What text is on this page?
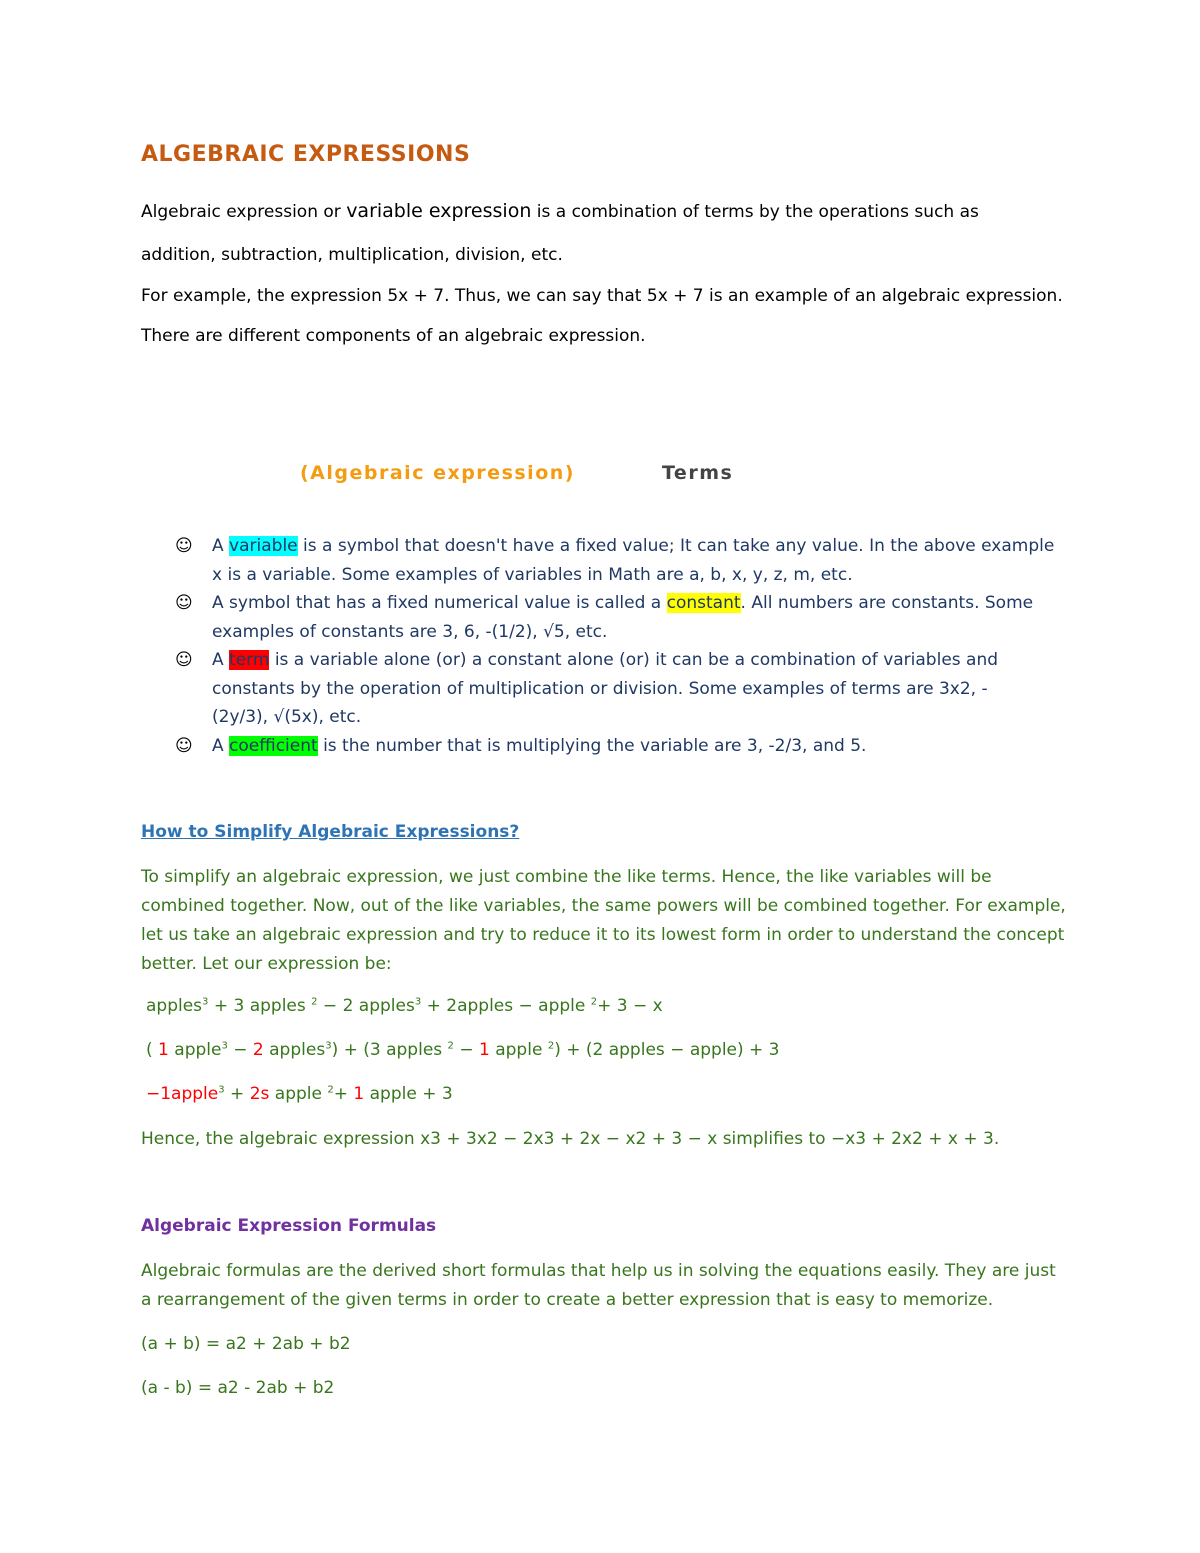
ALGEBRAIC EXPRESSIONS
Algebraic expression or variable expression is a combination of terms by the operations such as
addition, subtraction, multiplication, division, etc.
For example, the expression 5x + 7. Thus, we can say that 5x + 7 is an example of an algebraic expression.
There are different components of an algebraic expression.
(Algebraic expression)	Terms
☺ A variable is a symbol that doesn't have a fixed value; It can take any value. In the above example
x is a variable. Some examples of variables in Math are a, b, x, y, z, m, etc.
☺ A symbol that has a fixed numerical value is called a constant. All numbers are constants. Some
examples of constants are 3, 6, -(1/2), √5, etc.
☺ A term is a variable alone (or) a constant alone (or) it can be a combination of variables and
constants by the operation of multiplication or division. Some examples of terms are 3x2, -
(2y/3), √(5x), etc.
☺ A coefficient is the number that is multiplying the variable are 3, -2/3, and 5.
How to Simplify Algebraic Expressions?
To simplify an algebraic expression, we just combine the like terms. Hence, the like variables will be combined together. Now, out of the like variables, the same powers will be combined together. For example, let us take an algebraic expression and try to reduce it to its lowest form in order to understand the concept better. Let our expression be:
apples$^3$ + 3 apples $^2$ − 2 apples$^3$ + 2apples − apple $^2$+ 3 − x
( 1 apple$^3$ − 2 apples$^3$) + (3 apples $^2$ − 1 apple $^2$) + (2 apples − apple) + 3
−1apple$^3$ + 2s apple $^2$+ 1 apple + 3
Hence, the algebraic expression x3 + 3x2 − 2x3 + 2x − x2 + 3 − x simplifies to −x3 + 2x2 + x + 3.
Algebraic Expression Formulas
Algebraic formulas are the derived short formulas that help us in solving the equations easily. They are just a rearrangement of the given terms in order to create a better expression that is easy to memorize.
(a + b) = a2 + 2ab + b2
(a - b) = a2 - 2ab + b2
